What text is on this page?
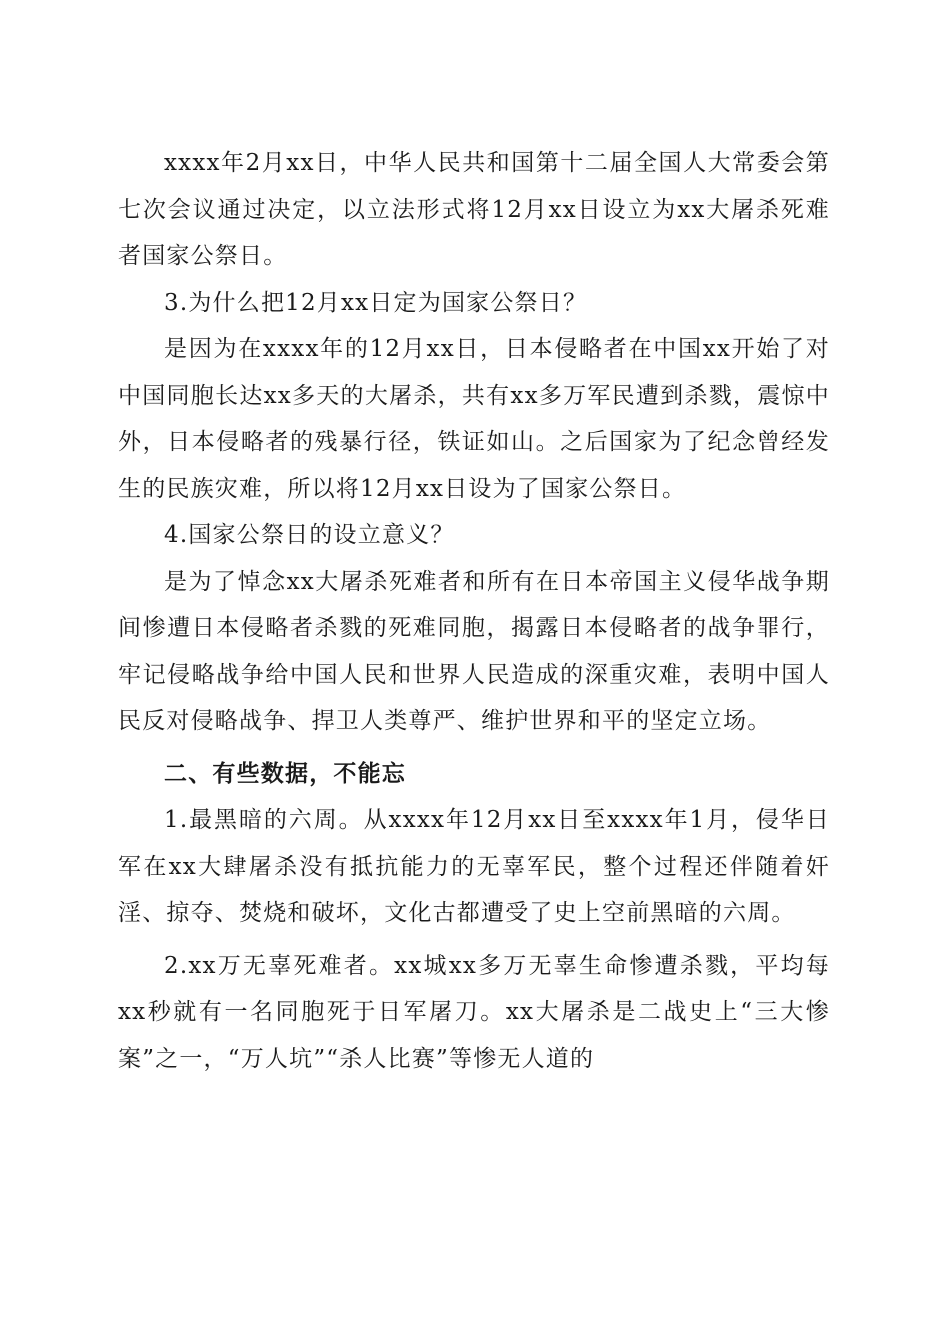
xxxx年2月xx日，中华人民共和国第十二届全国人大常委会第七次会议通过决定，以立法形式将12月xx日设立为xx大屠杀死难者国家公祭日。

3.为什么把12月xx日定为国家公祭日？

是因为在xxxx年的12月xx日，日本侵略者在中国xx开始了对中国同胞长达xx多天的大屠杀，共有xx多万军民遭到杀戮，震惊中外，日本侵略者的残暴行径，铁证如山。之后国家为了纪念曾经发生的民族灾难，所以将12月xx日设为了国家公祭日。

4.国家公祭日的设立意义？

是为了悼念xx大屠杀死难者和所有在日本帝国主义侵华战争期间惨遭日本侵略者杀戮的死难同胞，揭露日本侵略者的战争罪行，牢记侵略战争给中国人民和世界人民造成的深重灾难，表明中国人民反对侵略战争、捍卫人类尊严、维护世界和平的坚定立场。

二、有些数据，不能忘

1.最黑暗的六周。从xxxx年12月xx日至xxxx年1月，侵华日军在xx大肆屠杀没有抵抗能力的无辜军民，整个过程还伴随着奸淫、掠夺、焚烧和破坏，文化古都遭受了史上空前黑暗的六周。

2.xx万无辜死难者。xx城xx多万无辜生命惨遭杀戮，平均每xx秒就有一名同胞死于日军屠刀。xx大屠杀是二战史上“三大惨案”之一，“万人坑”“杀人比赛”等惨无人道的
